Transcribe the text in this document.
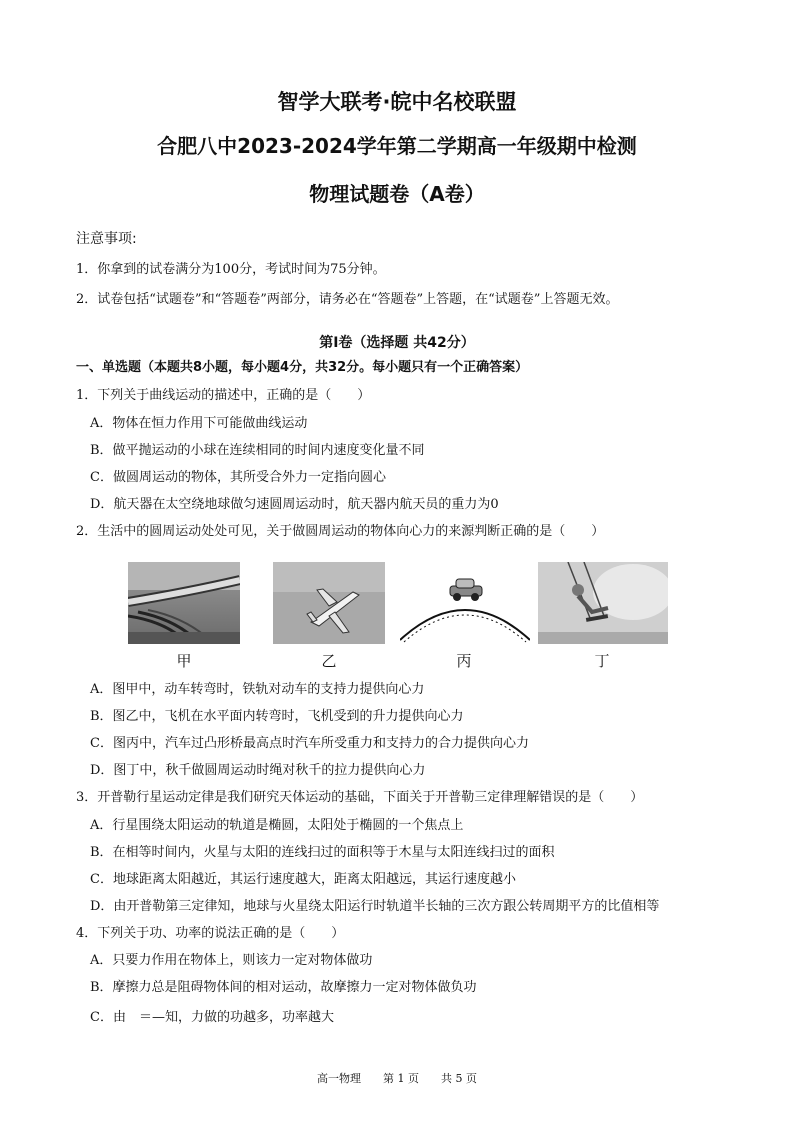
智学大联考·皖中名校联盟
合肥八中2023-2024学年第二学期高一年级期中检测
物理试题卷（A卷）
注意事项:
1．你拿到的试卷满分为100分，考试时间为75分钟。
2．试卷包括“试题卷”和“答题卷”两部分，请务必在“答题卷”上答题，在“试题卷”上答题无效。
第Ⅰ卷（选择题 共42分）
一、单选题（本题共8小题，每小题4分，共32分。每小题只有一个正确答案）
1．下列关于曲线运动的描述中，正确的是（　　）
A．物体在恒力作用下可能做曲线运动
B．做平抛运动的小球在连续相同的时间内速度变化量不同
C．做圆周运动的物体，其所受合外力一定指向圆心
D．航天器在太空绕地球做匀速圆周运动时，航天器内航天员的重力为0
2．生活中的圆周运动处处可见，关于做圆周运动的物体向心力的来源判断正确的是（　　）
甲	乙	丙	丁
A．图甲中，动车转弯时，铁轨对动车的支持力提供向心力
B．图乙中，飞机在水平面内转弯时，飞机受到的升力提供向心力
C．图丙中，汽车过凸形桥最高点时汽车所受重力和支持力的合力提供向心力
D．图丁中，秋千做圆周运动时绳对秋千的拉力提供向心力
3．开普勒行星运动定律是我们研究天体运动的基础，下面关于开普勒三定律理解错误的是（　　）
A．行星围绕太阳运动的轨道是椭圆，太阳处于椭圆的一个焦点上
B．在相等时间内，火星与太阳的连线扫过的面积等于木星与太阳连线扫过的面积
C．地球距离太阳越近，其运行速度越大，距离太阳越远，其运行速度越小
D．由开普勒第三定律知，地球与火星绕太阳运行时轨道半长轴的三次方跟公转周期平方的比值相等
4．下列关于功、功率的说法正确的是（　　）
A．只要力作用在物体上，则该力一定对物体做功
B．摩擦力总是阻碍物体间的相对运动，故摩擦力一定对物体做负功
C．由　＝—知，力做的功越多，功率越大
高一物理　　第 1 页　　共 5 页
